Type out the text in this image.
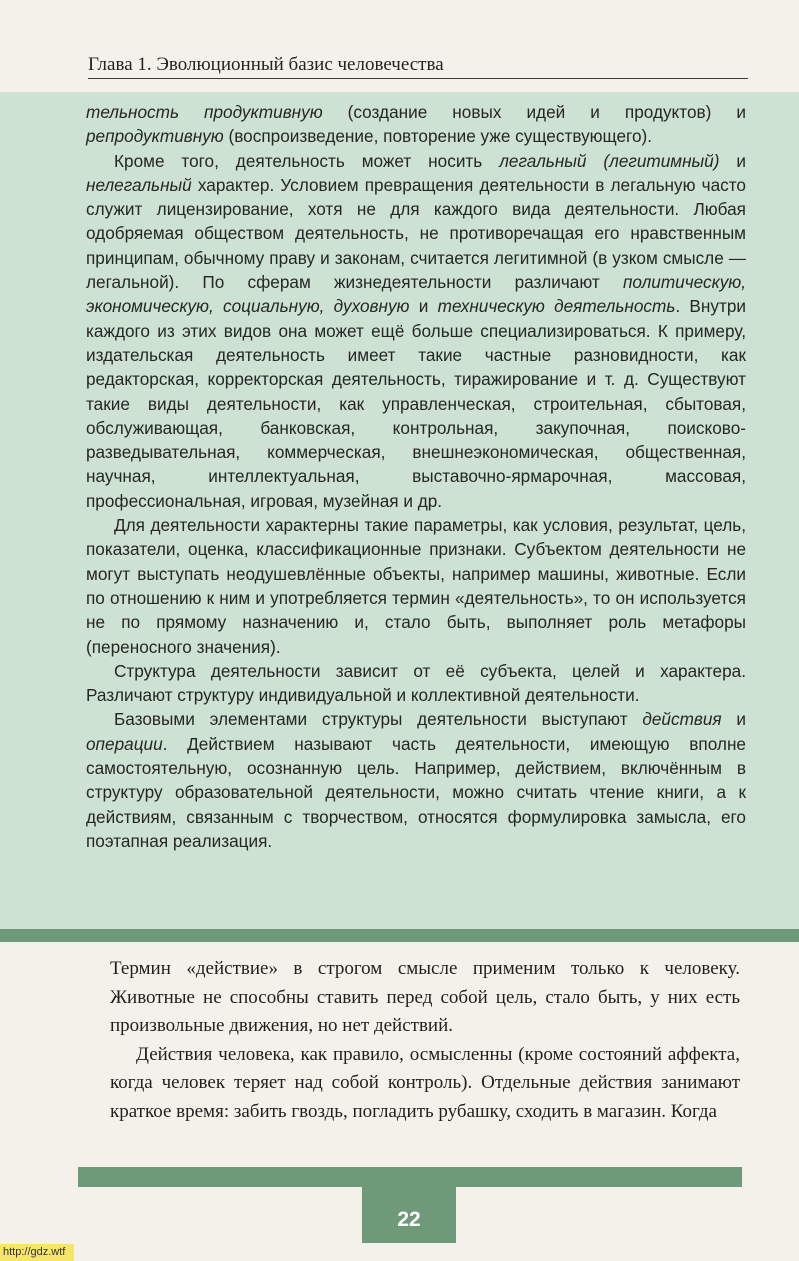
Глава 1. Эволюционный базис человечества

тельность продуктивную (создание новых идей и продуктов) и репродуктивную (воспроизведение, повторение уже существующего).

Кроме того, деятельность может носить легальный (легитимный) и нелегальный характер. Условием превращения деятельности в легальную часто служит лицензирование, хотя не для каждого вида деятельности. Любая одобряемая обществом деятельность, не противоречащая его нравственным принципам, обычному праву и законам, считается легитимной (в узком смысле — легальной). По сферам жизнедеятельности различают политическую, экономическую, социальную, духовную и техническую деятельность. Внутри каждого из этих видов она может ещё больше специализироваться. К примеру, издательская деятельность имеет такие частные разновидности, как редакторская, корректорская деятельность, тиражирование и т. д. Существуют такие виды деятельности, как управленческая, строительная, сбытовая, обслуживающая, банковская, контрольная, закупочная, поисково-разведывательная, коммерческая, внешнеэкономическая, общественная, научная, интеллектуальная, выставочно-ярмарочная, массовая, профессиональная, игровая, музейная и др.

Для деятельности характерны такие параметры, как условия, результат, цель, показатели, оценка, классификационные признаки. Субъектом деятельности не могут выступать неодушевлённые объекты, например машины, животные. Если по отношению к ним и употребляется термин «деятельность», то он используется не по прямому назначению и, стало быть, выполняет роль метафоры (переносного значения).

Структура деятельности зависит от её субъекта, целей и характера. Различают структуру индивидуальной и коллективной деятельности.

Базовыми элементами структуры деятельности выступают действия и операции. Действием называют часть деятельности, имеющую вполне самостоятельную, осознанную цель. Например, действием, включённым в структуру образовательной деятельности, можно считать чтение книги, а к действиям, связанным с творчеством, относятся формулировка замысла, его поэтапная реализация.

Термин «действие» в строгом смысле применим только к человеку. Животные не способны ставить перед собой цель, стало быть, у них есть произвольные движения, но нет действий.

Действия человека, как правило, осмысленны (кроме состояний аффекта, когда человек теряет над собой контроль). Отдельные действия занимают краткое время: забить гвоздь, погладить рубашку, сходить в магазин. Когда

22
http://gdz.wtf
